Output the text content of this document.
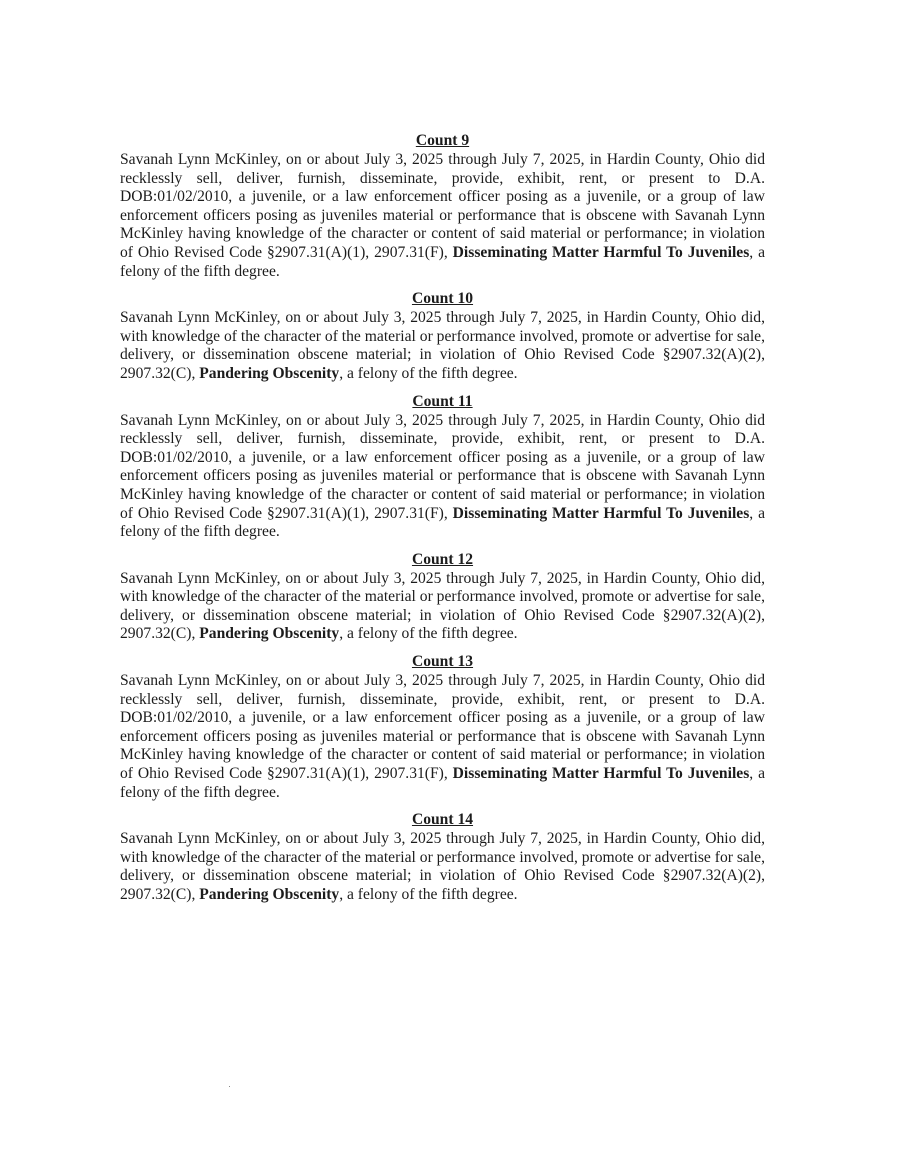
Count 9
Savanah Lynn McKinley, on or about July 3, 2025 through July 7, 2025, in Hardin County, Ohio did recklessly sell, deliver, furnish, disseminate, provide, exhibit, rent, or present to D.A. DOB:01/02/2010, a juvenile, or a law enforcement officer posing as a juvenile, or a group of law enforcement officers posing as juveniles material or performance that is obscene with Savanah Lynn McKinley having knowledge of the character or content of said material or performance; in violation of Ohio Revised Code §2907.31(A)(1), 2907.31(F), Disseminating Matter Harmful To Juveniles, a felony of the fifth degree.
Count 10
Savanah Lynn McKinley, on or about July 3, 2025 through July 7, 2025, in Hardin County, Ohio did, with knowledge of the character of the material or performance involved, promote or advertise for sale, delivery, or dissemination obscene material; in violation of Ohio Revised Code §2907.32(A)(2), 2907.32(C), Pandering Obscenity, a felony of the fifth degree.
Count 11
Savanah Lynn McKinley, on or about July 3, 2025 through July 7, 2025, in Hardin County, Ohio did recklessly sell, deliver, furnish, disseminate, provide, exhibit, rent, or present to D.A. DOB:01/02/2010, a juvenile, or a law enforcement officer posing as a juvenile, or a group of law enforcement officers posing as juveniles material or performance that is obscene with Savanah Lynn McKinley having knowledge of the character or content of said material or performance; in violation of Ohio Revised Code §2907.31(A)(1), 2907.31(F), Disseminating Matter Harmful To Juveniles, a felony of the fifth degree.
Count 12
Savanah Lynn McKinley, on or about July 3, 2025 through July 7, 2025, in Hardin County, Ohio did, with knowledge of the character of the material or performance involved, promote or advertise for sale, delivery, or dissemination obscene material; in violation of Ohio Revised Code §2907.32(A)(2), 2907.32(C), Pandering Obscenity, a felony of the fifth degree.
Count 13
Savanah Lynn McKinley, on or about July 3, 2025 through July 7, 2025, in Hardin County, Ohio did recklessly sell, deliver, furnish, disseminate, provide, exhibit, rent, or present to D.A. DOB:01/02/2010, a juvenile, or a law enforcement officer posing as a juvenile, or a group of law enforcement officers posing as juveniles material or performance that is obscene with Savanah Lynn McKinley having knowledge of the character or content of said material or performance; in violation of Ohio Revised Code §2907.31(A)(1), 2907.31(F), Disseminating Matter Harmful To Juveniles, a felony of the fifth degree.
Count 14
Savanah Lynn McKinley, on or about July 3, 2025 through July 7, 2025, in Hardin County, Ohio did, with knowledge of the character of the material or performance involved, promote or advertise for sale, delivery, or dissemination obscene material; in violation of Ohio Revised Code §2907.32(A)(2), 2907.32(C), Pandering Obscenity, a felony of the fifth degree.
